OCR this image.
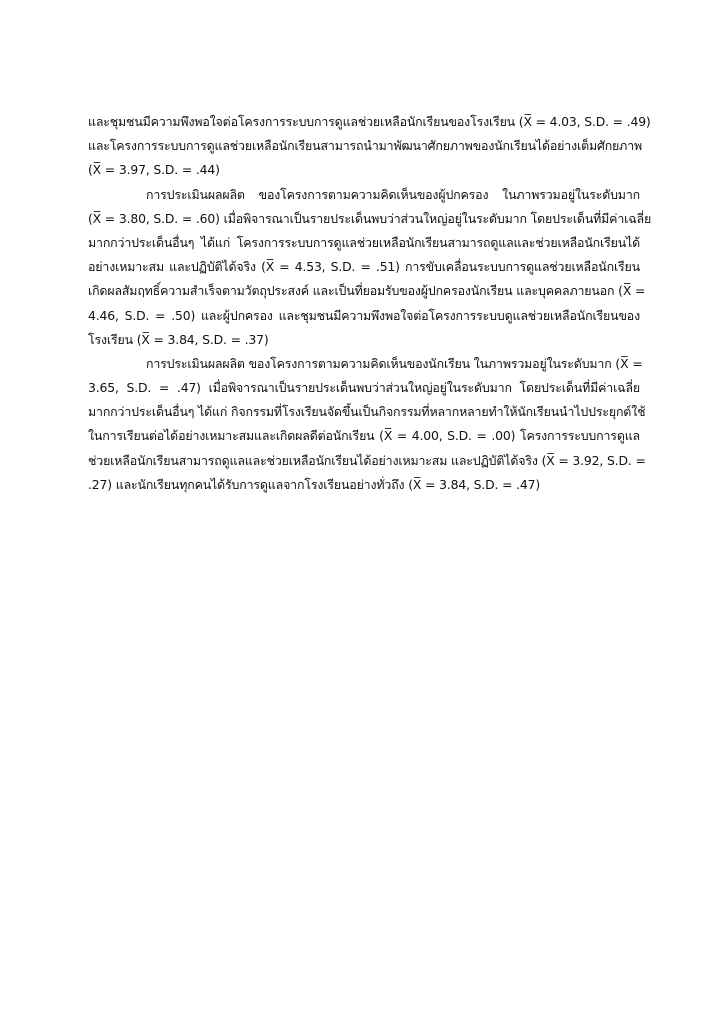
และชุมชนมีความพึงพอใจต่อโครงการระบบการดูแลช่วยเหลือนักเรียนของโรงเรียน (X̅ = 4.03, S.D. = .49)
และโครงการระบบการดูแลช่วยเหลือนักเรียนสามารถนำมาพัฒนาศักยภาพของนักเรียนได้อย่างเต็มศักยภาพ
(X̅ = 3.97, S.D. = .44)
การประเมินผลผลิต ของโครงการตามความคิดเห็นของผู้ปกครอง ในภาพรวมอยู่ในระดับมาก
(X̅ = 3.80, S.D. = .60) เมื่อพิจารณาเป็นรายประเด็นพบว่าส่วนใหญ่อยู่ในระดับมาก โดยประเด็นที่มีค่าเฉลี่ย
มากกว่าประเด็นอื่นๆ ได้แก่ โครงการระบบการดูแลช่วยเหลือนักเรียนสามารถดูแลและช่วยเหลือนักเรียนได้
อย่างเหมาะสม และปฏิบัติได้จริง (X̅ = 4.53, S.D. = .51) การขับเคลื่อนระบบการดูแลช่วยเหลือนักเรียน
เกิดผลสัมฤทธิ์ความสำเร็จตามวัตถุประสงค์ และเป็นที่ยอมรับของผู้ปกครองนักเรียน และบุคคลภายนอก (X̅ =
4.46, S.D. = .50) และผู้ปกครอง และชุมชนมีความพึงพอใจต่อโครงการระบบดูแลช่วยเหลือนักเรียนของ
โรงเรียน (X̅ = 3.84, S.D. = .37)
การประเมินผลผลิต ของโครงการตามความคิดเห็นของนักเรียน ในภาพรวมอยู่ในระดับมาก (X̅ =
3.65, S.D. = .47) เมื่อพิจารณาเป็นรายประเด็นพบว่าส่วนใหญ่อยู่ในระดับมาก โดยประเด็นที่มีค่าเฉลี่ย
มากกว่าประเด็นอื่นๆ ได้แก่ กิจกรรมที่โรงเรียนจัดขึ้นเป็นกิจกรรมที่หลากหลายทำให้นักเรียนนำไปประยุกต์ใช้
ในการเรียนต่อได้อย่างเหมาะสมและเกิดผลดีต่อนักเรียน (X̅ = 4.00, S.D. = .00) โครงการระบบการดูแล
ช่วยเหลือนักเรียนสามารถดูแลและช่วยเหลือนักเรียนได้อย่างเหมาะสม และปฏิบัติได้จริง (X̅ = 3.92, S.D. =
.27) และนักเรียนทุกคนได้รับการดูแลจากโรงเรียนอย่างทั่วถึง (X̅ = 3.84, S.D. = .47)
